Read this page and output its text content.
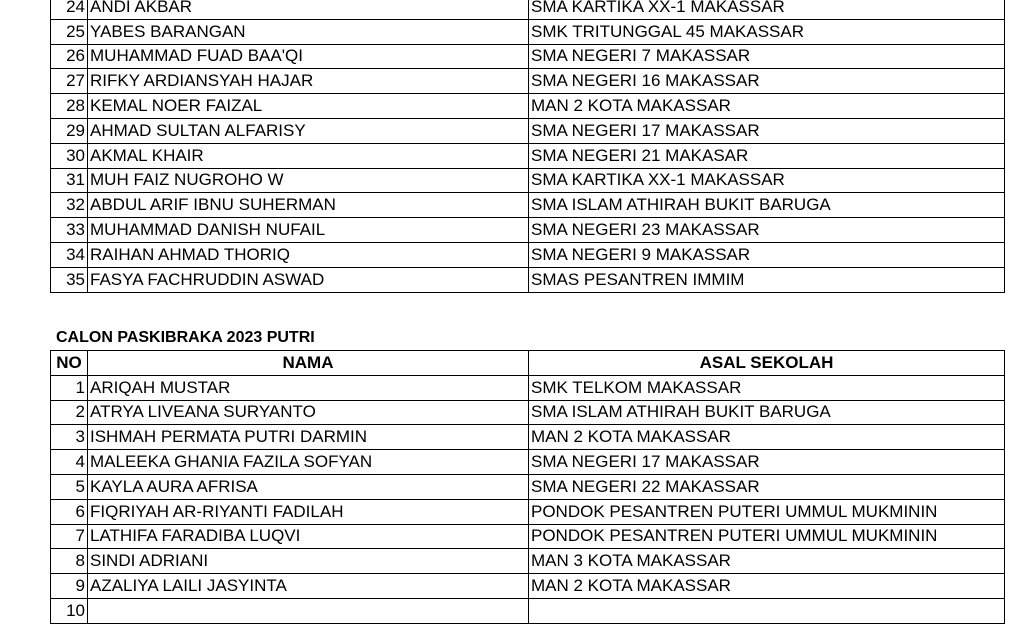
24	ANDI AKBAR	SMA KARTIKA XX-1 MAKASSAR
25	YABES BARANGAN	SMK TRITUNGGAL 45 MAKASSAR
26	MUHAMMAD FUAD BAA'QI	SMA NEGERI 7 MAKASSAR
27	RIFKY ARDIANSYAH HAJAR	SMA NEGERI 16 MAKASSAR
28	KEMAL NOER FAIZAL	MAN 2 KOTA MAKASSAR
29	AHMAD SULTAN ALFARISY	SMA NEGERI 17 MAKASSAR
30	AKMAL KHAIR	SMA NEGERI 21 MAKASAR
31	MUH FAIZ NUGROHO W	SMA KARTIKA XX-1 MAKASSAR
32	ABDUL ARIF IBNU SUHERMAN	SMA ISLAM ATHIRAH BUKIT BARUGA
33	MUHAMMAD DANISH NUFAIL	SMA NEGERI 23 MAKASSAR
34	RAIHAN AHMAD THORIQ	SMA NEGERI 9 MAKASSAR
35	FASYA FACHRUDDIN ASWAD	SMAS PESANTREN IMMIM
CALON PASKIBRAKA 2023 PUTRI
NO	NAMA	ASAL SEKOLAH
1	ARIQAH MUSTAR	SMK TELKOM MAKASSAR
2	ATRYA LIVEANA SURYANTO	SMA ISLAM ATHIRAH BUKIT BARUGA
3	ISHMAH PERMATA PUTRI DARMIN	MAN 2 KOTA MAKASSAR
4	MALEEKA GHANIA FAZILA SOFYAN	SMA NEGERI 17 MAKASSAR
5	KAYLA AURA AFRISA	SMA NEGERI 22 MAKASSAR
6	FIQRIYAH AR-RIYANTI FADILAH	PONDOK PESANTREN PUTERI UMMUL MUKMININ
7	LATHIFA FARADIBA LUQVI	PONDOK PESANTREN PUTERI UMMUL MUKMININ
8	SINDI ADRIANI	MAN 3 KOTA MAKASSAR
9	AZALIYA LAILI JASYINTA	MAN 2 KOTA MAKASSAR
10		
